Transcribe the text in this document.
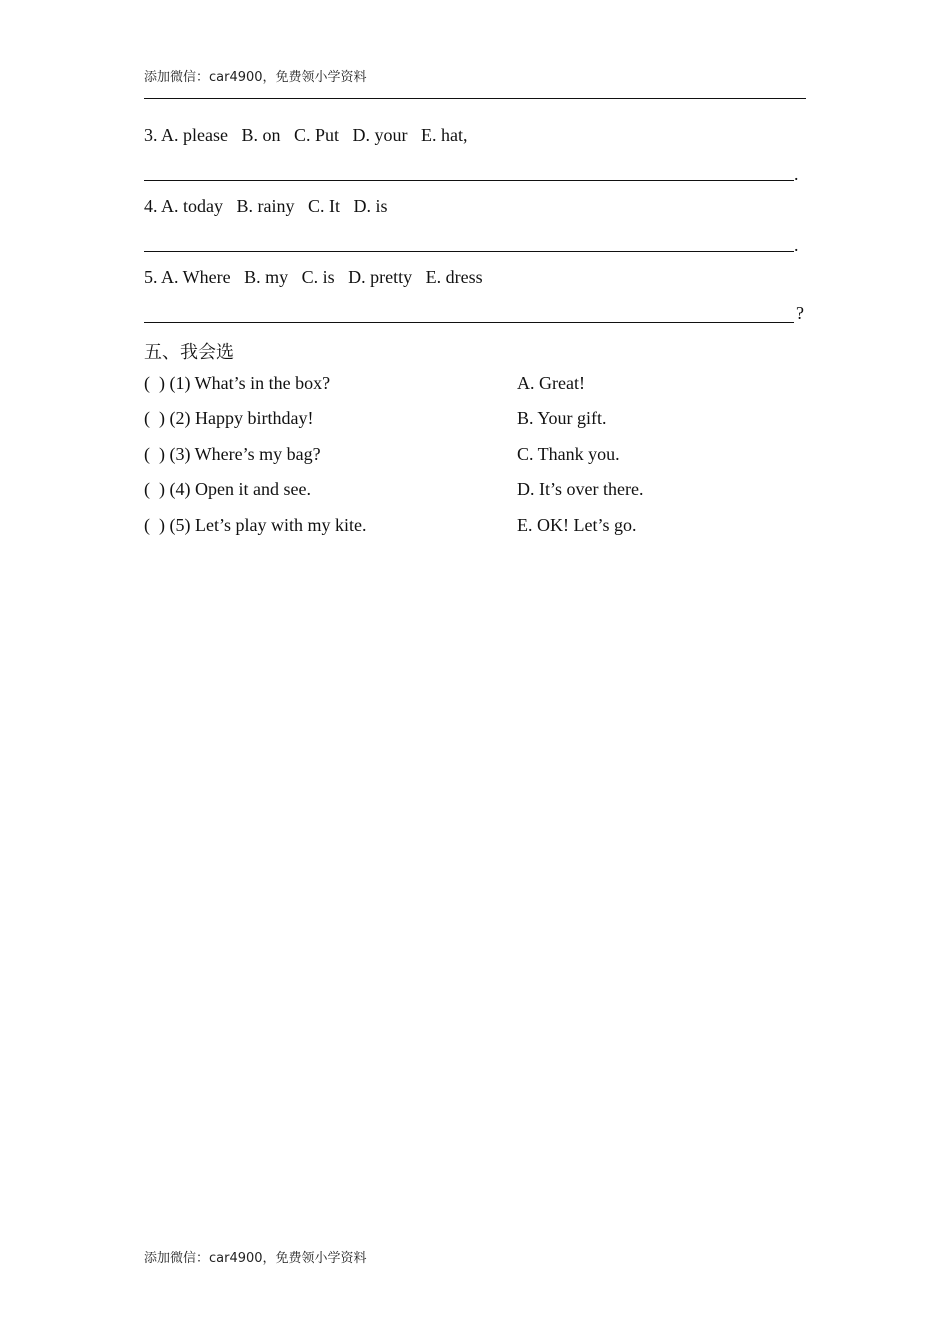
添加微信：car4900，免费领小学资料
3. A. please   B. on   C. Put   D. your   E. hat,
.
4. A. today   B. rainy   C. It   D. is
.
5. A. Where   B. my   C. is   D. pretty   E. dress
?
五、我会选
(  ) (1) What’s in the box?
(  ) (2) Happy birthday!
(  ) (3) Where’s my bag?
(  ) (4) Open it and see.
(  ) (5) Let’s play with my kite.
A. Great!
B. Your gift.
C. Thank you.
D. It’s over there.
E. OK! Let’s go.
添加微信：car4900，免费领小学资料
